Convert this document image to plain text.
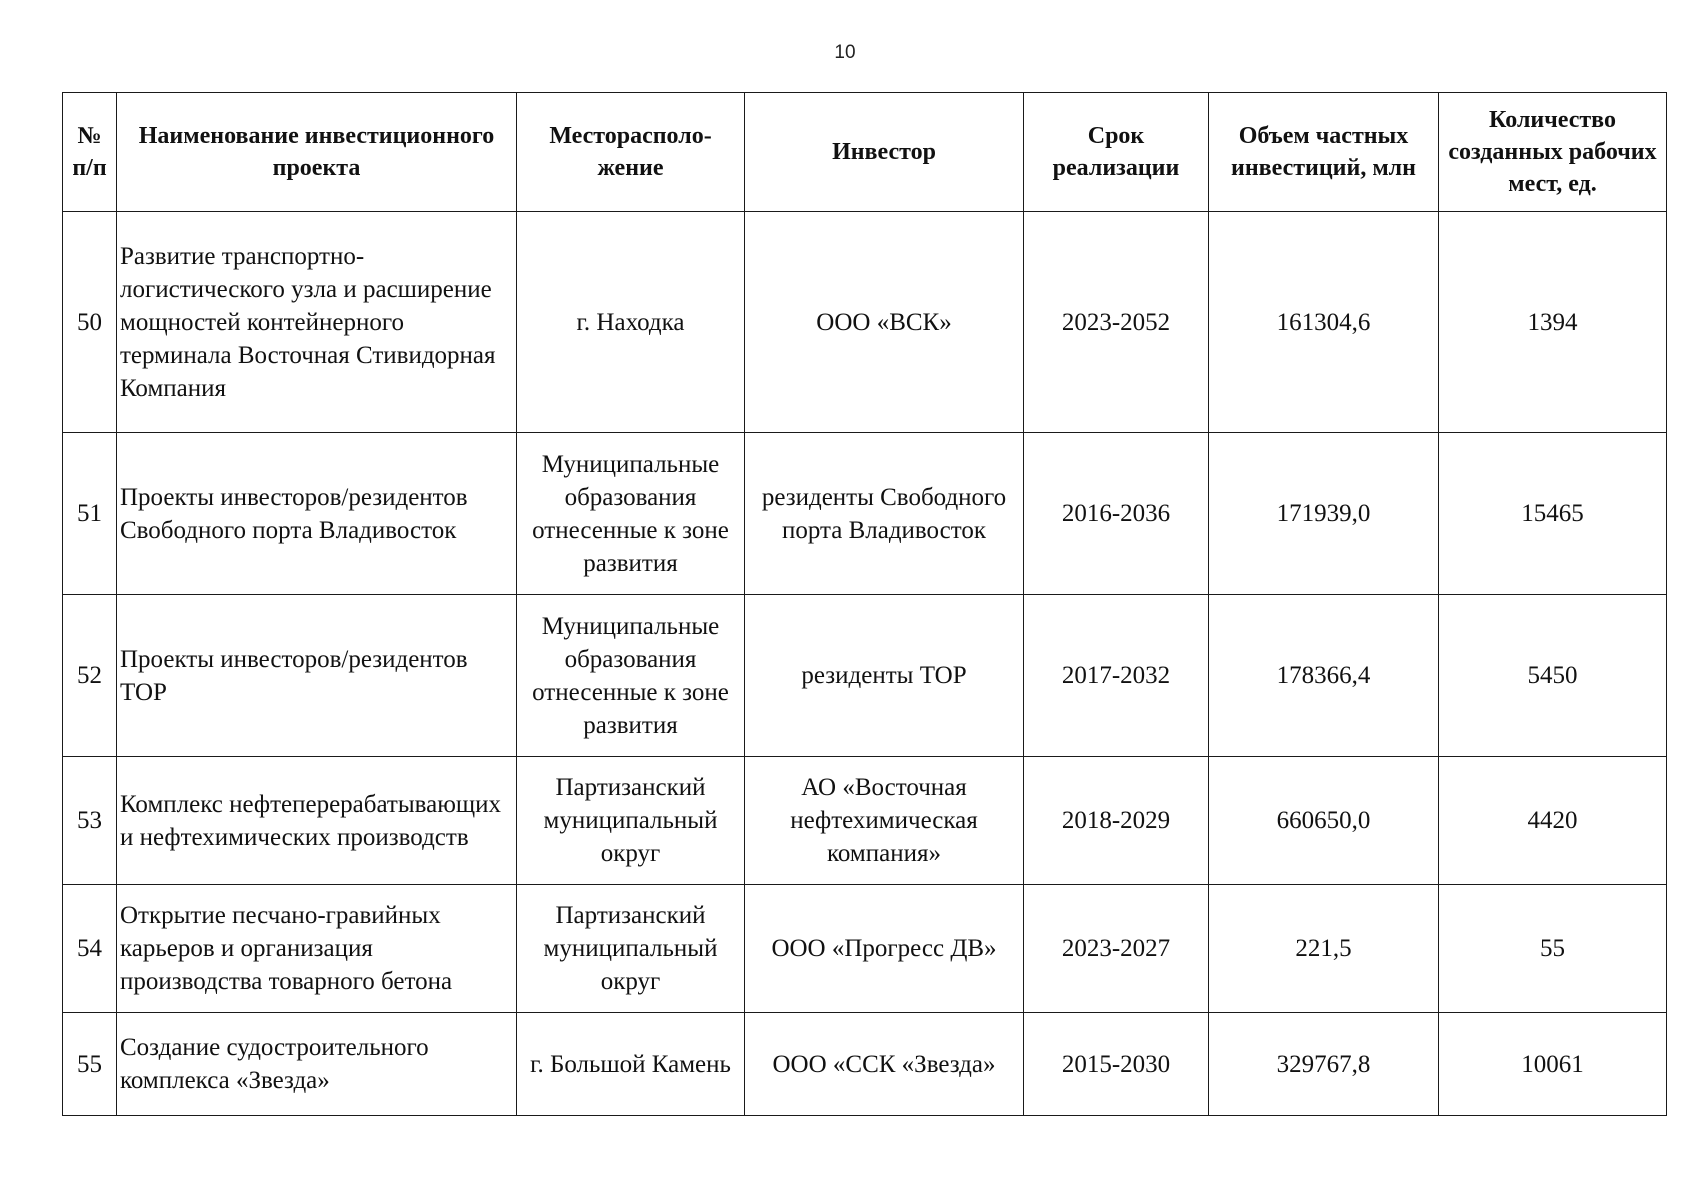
10
№ п/п	Наименование инвестиционного проекта	Месторасполо-жение	Инвестор	Срок реализации	Объем частных инвестиций, млн	Количество созданных рабочих мест, ед.
50	Развитие транспортно-логистического узла и расширение мощностей контейнерного терминала Восточная Стивидорная Компания	г. Находка	ООО «ВСК»	2023-2052	161304,6	1394
51	Проекты инвесторов/резидентов Свободного порта Владивосток	Муниципальные образования отнесенные к зоне развития	резиденты Свободного порта Владивосток	2016-2036	171939,0	15465
52	Проекты инвесторов/резидентов ТОР	Муниципальные образования отнесенные к зоне развития	резиденты ТОР	2017-2032	178366,4	5450
53	Комплекс нефтеперерабатывающих и нефтехимических производств	Партизанский муниципальный округ	АО «Восточная нефтехимическая компания»	2018-2029	660650,0	4420
54	Открытие песчано-гравийных карьеров и организация производства товарного бетона	Партизанский муниципальный округ	ООО «Прогресс ДВ»	2023-2027	221,5	55
55	Создание судостроительного комплекса «Звезда»	г. Большой Камень	ООО «ССК «Звезда»	2015-2030	329767,8	10061
